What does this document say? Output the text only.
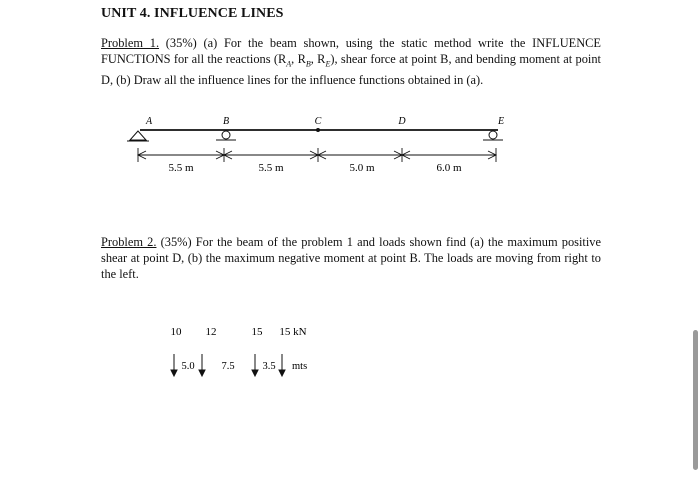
UNIT 4. INFLUENCE LINES
Problem 1. (35%) (a) For the beam shown, using the static method write the INFLUENCE FUNCTIONS for all the reactions ($R_A$, $R_B$, $R_E$), shear force at point B, and bending moment at point D, (b) Draw all the influence lines for the influence functions obtained in (a).
A	B	C	D	E
5.5 m	5.5 m	5.0 m	6.0 m
Problem 2. (35%) For the beam of the problem 1 and loads shown find (a) the maximum positive shear at point D, (b) the maximum negative moment at point B. The loads are moving from right to the left.
10 12	15 15 kN
5.0	7.5	3.5 mts
